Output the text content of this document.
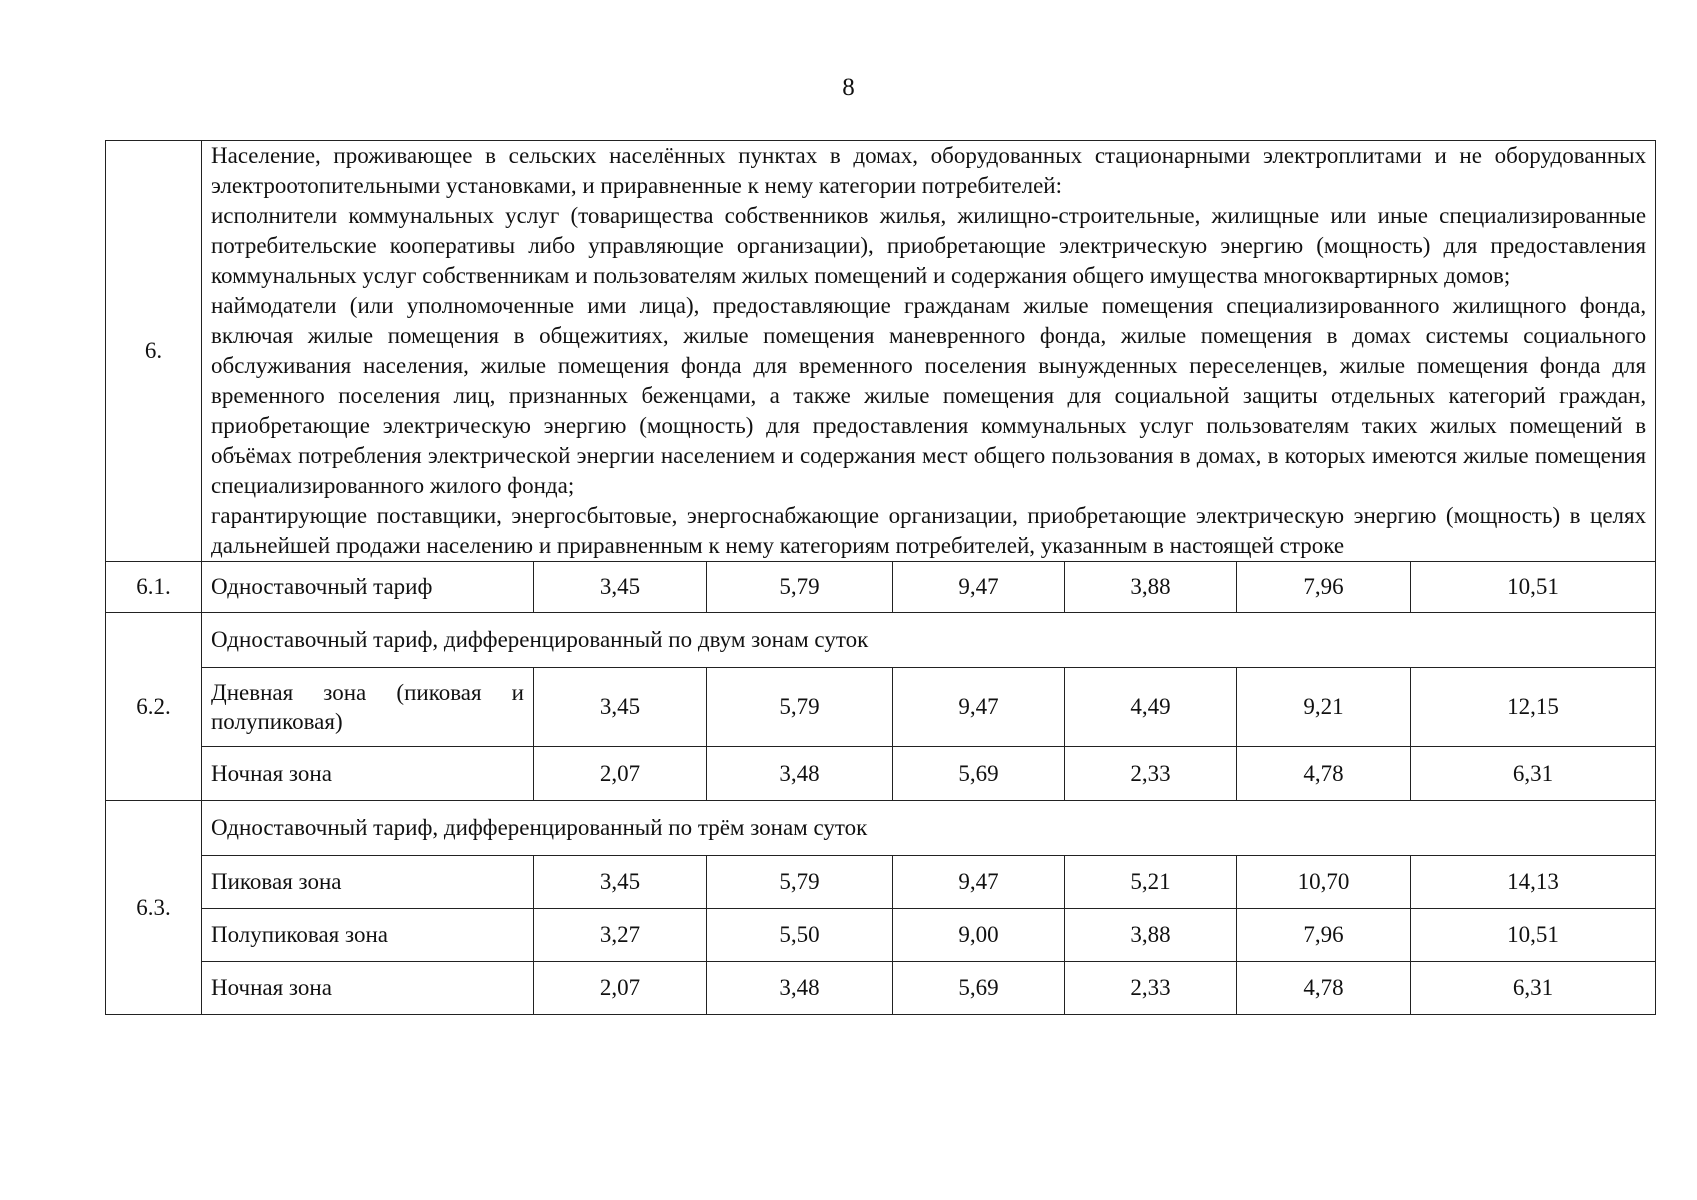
8
6.	Население, проживающее в сельских населённых пунктах в домах, оборудованных стационарными электроплитами и не оборудованных электроотопительными установками, и приравненные к нему категории потребителей:

исполнители коммунальных услуг (товарищества собственников жилья, жилищно-строительные, жилищные или иные специализированные потребительские кооперативы либо управляющие организации), приобретающие электрическую энергию (мощность) для предоставления коммунальных услуг собственникам и пользователям жилых помещений и содержания общего имущества многоквартирных домов;

наймодатели (или уполномоченные ими лица), предоставляющие гражданам жилые помещения специализированного жилищного фонда, включая жилые помещения в общежитиях, жилые помещения маневренного фонда, жилые помещения в домах системы социального обслуживания населения, жилые помещения фонда для временного поселения вынужденных переселенцев, жилые помещения фонда для временного поселения лиц, признанных беженцами, а также жилые помещения для социальной защиты отдельных категорий граждан, приобретающие электрическую энергию (мощность) для предоставления коммунальных услуг пользователям таких жилых помещений в объёмах потребления электрической энергии населением и содержания мест общего пользования в домах, в которых имеются жилые помещения специализированного жилого фонда;

гарантирующие поставщики, энергосбытовые, энергоснабжающие организации, приобретающие электрическую энергию (мощность) в целях дальнейшей продажи населению и приравненным к нему категориям потребителей, указанным в настоящей строке						

6.1.	Одноставочный тариф	3,45	5,79	9,47	3,88	7,96	10,51
6.2.	Одноставочный тариф, дифференцированный по двум зонам суток						
	Дневная зона (пиковая и полупиковая)	3,45	5,79	9,47	4,49	9,21	12,15
	Ночная зона	2,07	3,48	5,69	2,33	4,78	6,31
6.3.	Одноставочный тариф, дифференцированный по трём зонам суток						
	Пиковая зона	3,45	5,79	9,47	5,21	10,70	14,13
	Полупиковая зона	3,27	5,50	9,00	3,88	7,96	10,51
	Ночная зона	2,07	3,48	5,69	2,33	4,78	6,31
